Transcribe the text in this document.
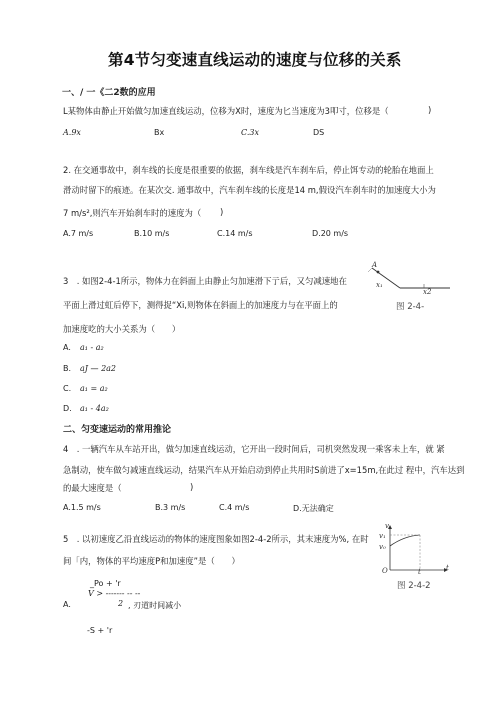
第4节匀变速直线运动的速度与位移的关系
一、/ 一《二2数的应用
L某物体由静止开始做匀加速直线运动，位移为X时，速度为匕当速度为3叩寸，位移是（	)
A.9x	Bx	C.3x	DS
2. 在交通事故中，刹车线的长度是很重要的依据，刹车线是汽车刹车后，停止饵专动的轮胎在地面上
滑动时留下的痕迹。在某次交. 通事故中，汽车刹车线的长度是14 m,假设汽车刹车时的加速度大小为
7 m/s²,则汽车开始刹车时的速度为（ )
A.7 m/s	B.10 m/s	C.14 m/s	D.20 m/s
3　. 如图2-4-1所示，物体力在斜面上由静止匀加速滑下亍后，又匀减速地在
平面上滑过虹后停下，测得捉“Xi,则物体在斜面上的加速度力与在平面上的
加速度吃的大小关系为（　　）
A
x₁
x2
图 2-4-
A. a₁ - a₂
B. aJ — 2a2
C. a₁ = a₂
D. a₁ - 4a₂
二、匀变速运动的常用推论
4　. 一辆汽车从车站开出，做匀加速直线运动，它开出一段时间后，司机突然发现一乘客未上车，就 紧
急制动，使车做匀减速直线运动，结果汽车从开始启动到停止共用时S前进了x=15m,在此过 程中，汽车达到
的最大速度是（	)
A.1.5 m/s	B.3 m/s	C.4 m/s	D.无法确定
5　. 以初速度乙沿直线运动的物体的速度图象如图2-4-2所示，其末速度为%, 在时
间「内，物体的平均速度P和加速度”是（　　）
v
v₁
v₀
O	t	t
图 2-4-2
_Po + 'r
V > ------- -- --
A.	2 , 刃道时间减小
-S + 'r
